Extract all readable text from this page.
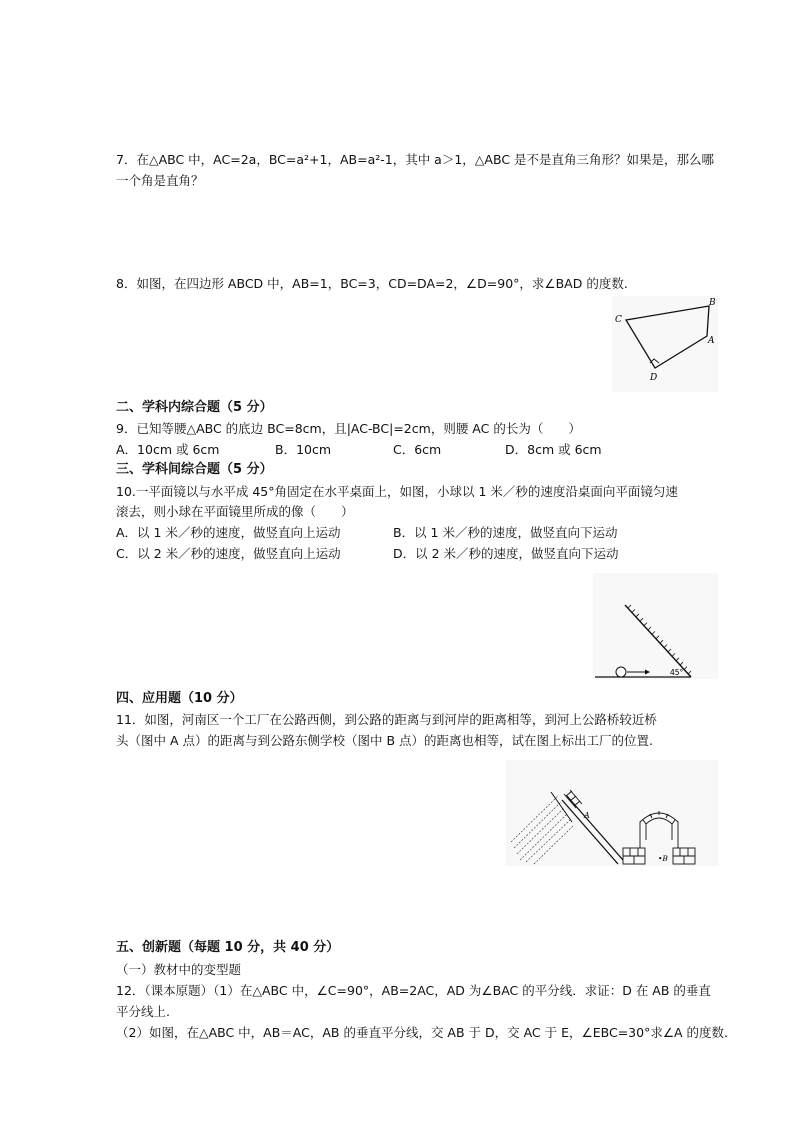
7．在△ABC 中，AC=2a，BC=a²+1，AB=a²-1，其中 a＞1，△ABC 是不是直角三角形？如果是，那么哪
一个角是直角？
8．如图，在四边形 ABCD 中，AB=1，BC=3，CD=DA=2，∠D=90°，求∠BAD 的度数.
C
B
A
D
二、学科内综合题（5 分）
9．已知等腰△ABC 的底边 BC=8cm，且|AC-BC|=2cm，则腰 AC 的长为（　　）
A．10cm 或 6cm	B．10cm	C．6cm	D．8cm 或 6cm
三、学科间综合题（5 分）
10.一平面镜以与水平成 45°角固定在水平桌面上，如图，小球以 1 米／秒的速度沿桌面向平面镜匀速
滚去，则小球在平面镜里所成的像（　　）
A．以 1 米／秒的速度，做竖直向上运动	B．以 1 米／秒的速度，做竖直向下运动
C．以 2 米／秒的速度，做竖直向上运动	D．以 2 米／秒的速度，做竖直向下运动
45°
四、应用题（10 分）
11．如图，河南区一个工厂在公路西侧，到公路的距离与到河岸的距离相等，到河上公路桥较近桥
头（图中 A 点）的距离与到公路东侧学校（图中 B 点）的距离也相等，试在图上标出工厂的位置.
A
•B
五、创新题（每题 10 分，共 40 分）
（一）教材中的变型题
12．（课本原题）（1）在△ABC 中，∠C=90°，AB=2AC，AD 为∠BAC 的平分线．求证：D 在 AB 的垂直
平分线上.
（2）如图，在△ABC 中，AB＝AC，AB 的垂直平分线，交 AB 于 D，交 AC 于 E，∠EBC=30°求∠A 的度数.
